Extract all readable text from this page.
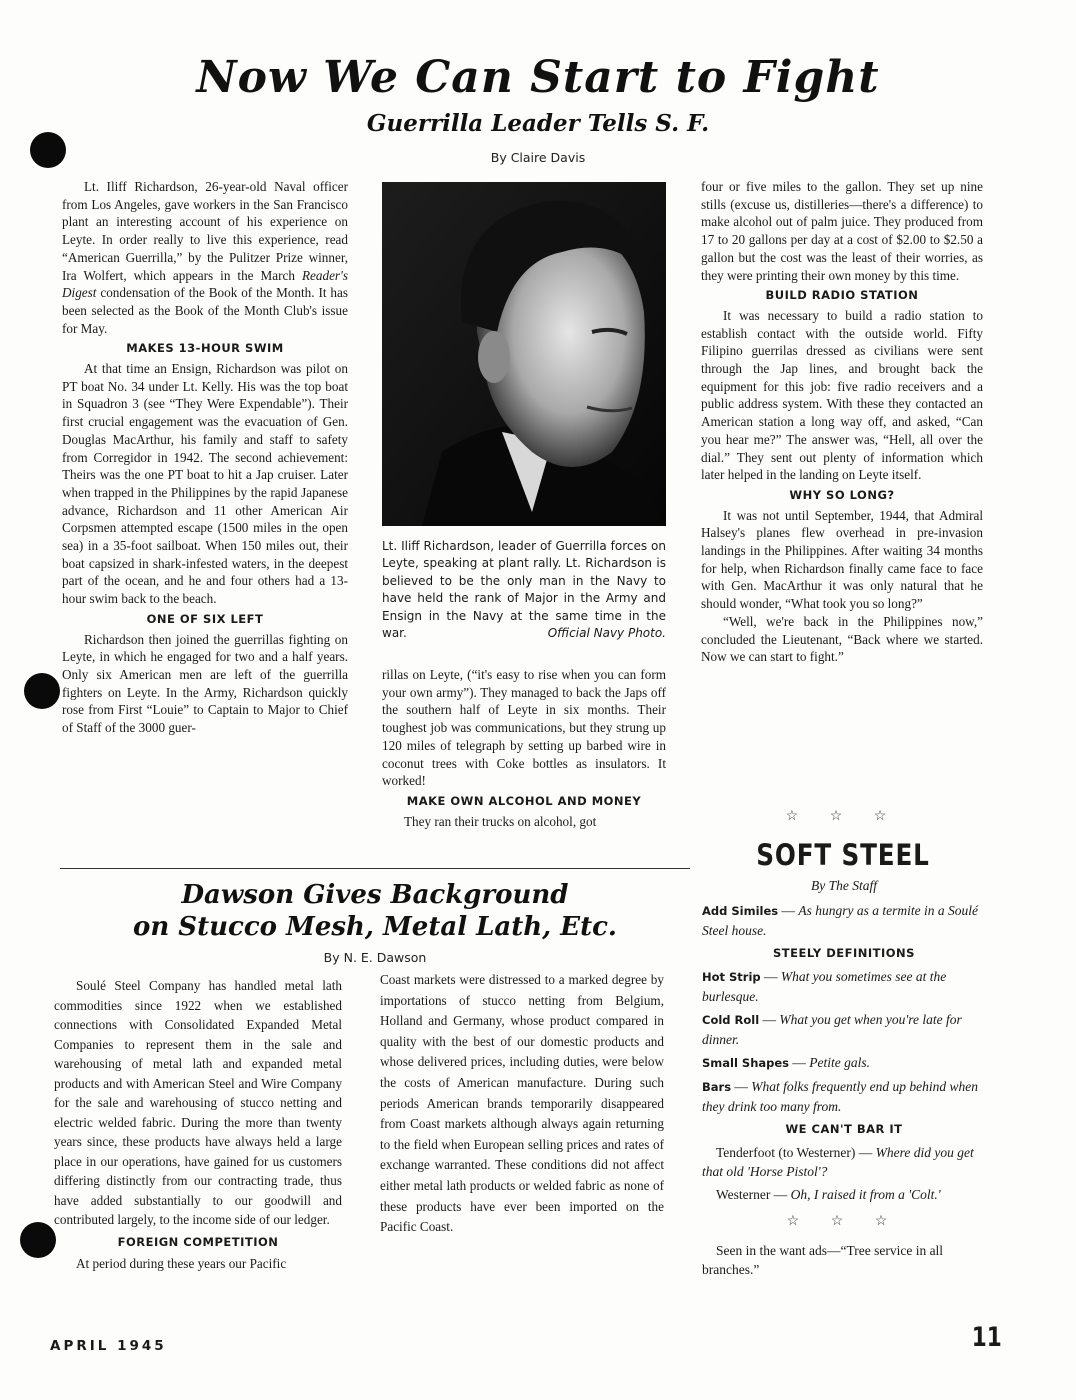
Now We Can Start to Fight
Guerrilla Leader Tells S. F.
By Claire Davis

Lt. Iliff Richardson, 26-year-old Naval officer from Los Angeles, gave workers in the San Francisco plant an interesting account of his experience on Leyte. In order really to live this experience, read “American Guerrilla,” by the Pulitzer Prize winner, Ira Wolfert, which appears in the March Reader's Digest condensation of the Book of the Month. It has been selected as the Book of the Month Club's issue for May.

MAKES 13-HOUR SWIM

At that time an Ensign, Richardson was pilot on PT boat No. 34 under Lt. Kelly. His was the top boat in Squadron 3 (see “They Were Expendable”). Their first crucial engagement was the evacuation of Gen. Douglas MacArthur, his family and staff to safety from Corregidor in 1942. The second achievement: Theirs was the one PT boat to hit a Jap cruiser. Later when trapped in the Philippines by the rapid Japanese advance, Richardson and 11 other American Air Corpsmen attempted escape (1500 miles in the open sea) in a 35-foot sailboat. When 150 miles out, their boat capsized in shark-infested waters, in the deepest part of the ocean, and he and four others had a 13-hour swim back to the beach.

ONE OF SIX LEFT

Richardson then joined the guerrillas fighting on Leyte, in which he engaged for two and a half years. Only six American men are left of the guerrilla fighters on Leyte. In the Army, Richardson quickly rose from First “Louie” to Captain to Major to Chief of Staff of the 3000 guer-

Lt. Iliff Richardson, leader of Guerrilla forces on Leyte, speaking at plant rally. Lt. Richardson is believed to be the only man in the Navy to have held the rank of Major in the Army and Ensign in the Navy at the same time in the war.	Official Navy Photo.

rillas on Leyte, (“it's easy to rise when you can form your own army”). They managed to back the Japs off the southern half of Leyte in six months. Their toughest job was communications, but they strung up 120 miles of telegraph by setting up barbed wire in coconut trees with Coke bottles as insulators. It worked!

MAKE OWN ALCOHOL AND MONEY

They ran their trucks on alcohol, got

four or five miles to the gallon. They set up nine stills (excuse us, distilleries—there's a difference) to make alcohol out of palm juice. They produced from 17 to 20 gallons per day at a cost of $2.00 to $2.50 a gallon but the cost was the least of their worries, as they were printing their own money by this time.

BUILD RADIO STATION

It was necessary to build a radio station to establish contact with the outside world. Fifty Filipino guerrilas dressed as civilians were sent through the Jap lines, and brought back the equipment for this job: five radio receivers and a public address system. With these they contacted an American station a long way off, and asked, “Can you hear me?” The answer was, “Hell, all over the dial.” They sent out plenty of information which later helped in the landing on Leyte itself.

WHY SO LONG?

It was not until September, 1944, that Admiral Halsey's planes flew overhead in pre-invasion landings in the Philippines. After waiting 34 months for help, when Richardson finally came face to face with Gen. MacArthur it was only natural that he should wonder, “What took you so long?”

“Well, we're back in the Philippines now,” concluded the Lieutenant, “Back where we started. Now we can start to fight.”

☆ ☆ ☆
Dawson Gives Background
on Stucco Mesh, Metal Lath, Etc.
By N. E. Dawson

Soulé Steel Company has handled metal lath commodities since 1922 when we established connections with Consolidated Expanded Metal Companies to represent them in the sale and warehousing of metal lath and expanded metal products and with American Steel and Wire Company for the sale and warehousing of stucco netting and electric welded fabric. During the more than twenty years since, these products have always held a large place in our operations, have gained for us customers differing distinctly from our contracting trade, thus have added substantially to our goodwill and contributed largely, to the income side of our ledger.

FOREIGN COMPETITION

At period during these years our Pacific

Coast markets were distressed to a marked degree by importations of stucco netting from Belgium, Holland and Germany, whose product compared in quality with the best of our domestic products and whose delivered prices, including duties, were below the costs of American manufacture. During such periods American brands temporarily disappeared from Coast markets although always again returning to the field when European selling prices and rates of exchange warranted. These conditions did not affect either metal lath products or welded fabric as none of these products have ever been imported on the Pacific Coast.

SOFT STEEL

By The Staff

Add Similes — As hungry as a termite in a Soulé Steel house.

STEELY DEFINITIONS

Hot Strip — What you sometimes see at the burlesque.

Cold Roll — What you get when you're late for dinner.

Small Shapes — Petite gals.

Bars — What folks frequently end up behind when they drink too many from.

WE CAN'T BAR IT

Tenderfoot (to Westerner) — Where did you get that old 'Horse Pistol'?

Westerner — Oh, I raised it from a 'Colt.'

☆ ☆ ☆

Seen in the want ads—“Tree service in all branches.”

APRIL 1945	11
